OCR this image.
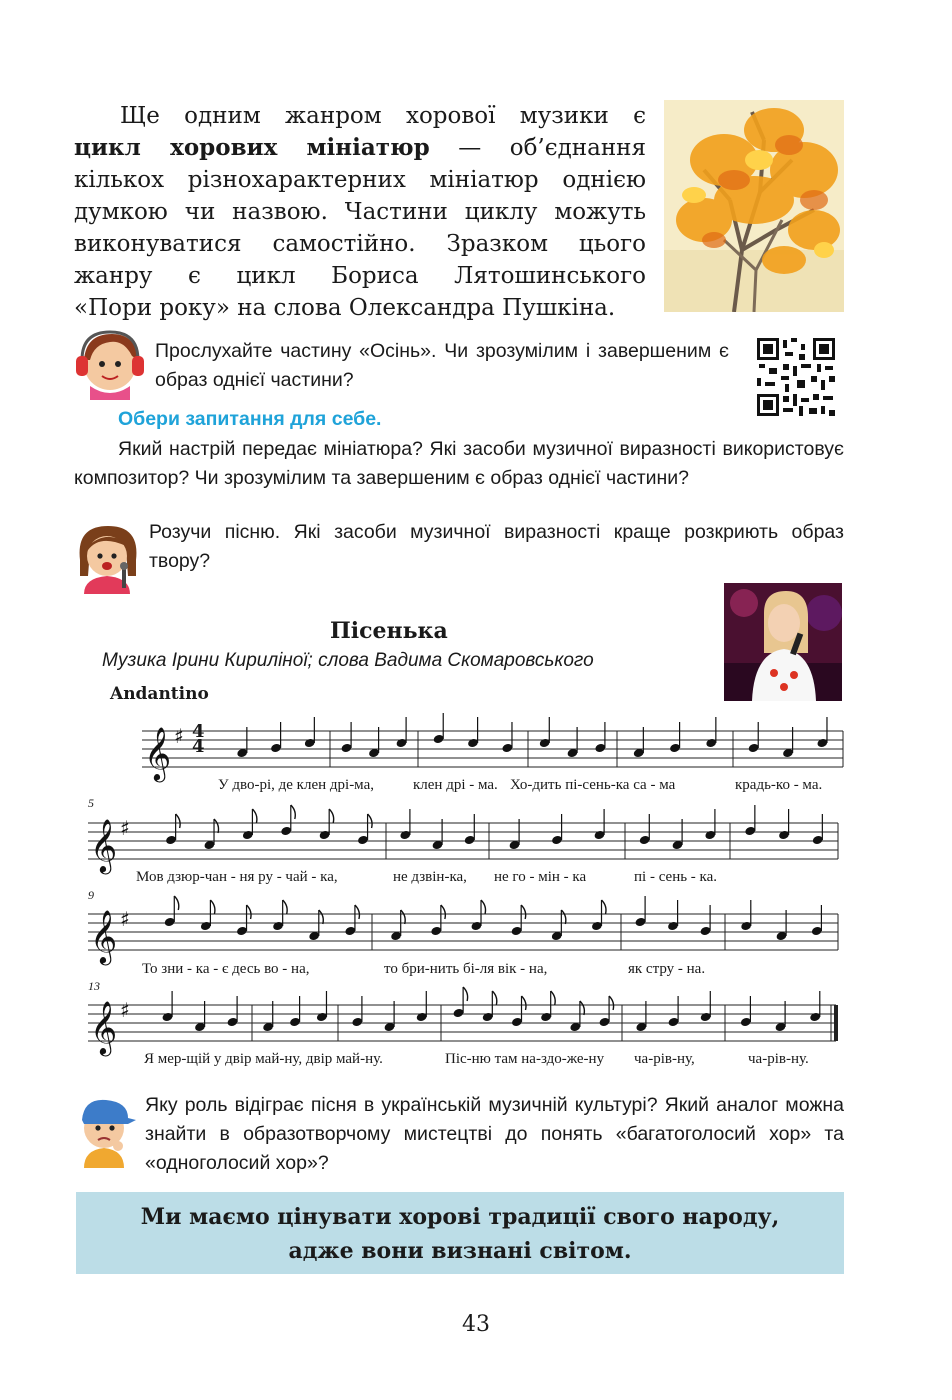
Ще одним жанром хорової музики є
цикл хорових мініатюр — об’єднання
кількох різнохарактерних мініатюр однією
думкою чи назвою. Частини циклу можуть
виконуватися самостійно. Зразком цього
жанру є цикл Бориса Лятошинського
«Пори року» на слова Олександра Пушкіна.
Прослухайте частину «Осінь». Чи зрозумілим і завершеним є образ однієї частини?
Обери запитання для себе.
Який настрій передає мініатюра? Які засоби музичної виразності використовує композитор? Чи зрозумілим та завершеним є образ однієї частини?
Розучи пісню. Які засоби музичної виразності краще розкриють образ твору?
Пісенька
Музика Ірини Кириліної; слова Вадима Скомаровського
Andantino
𝄞 ♯
𝄞 ♯
𝄞 ♯
𝄞 ♯
4
4
5
9
13
У дво-рі, де клен дрі-ма,	клен дрі - ма. Хо-дить пі-сень-ка са - ма	крадь-ко - ма.
Мов дзюр-чан - ня ру - чай - ка,	не дзвін-ка, не го - мін - ка	пі - сень - ка.
То зни - ка - є десь во - на,	то бри-нить бі-ля вік - на,	як стру - на.
Я мер-щій у двір май-ну, двір май-ну.	Піс-ню там на-здо-же-ну ча-рів-ну,	ча-рів-ну.
Яку роль відіграє пісня в українській музичній культурі? Який аналог можна знайти в образотворчому мистецтві до понять «багатоголосий хор» та «одноголосий хор»?
Ми маємо цінувати хорові традиції свого народу,
адже вони визнані світом.
43
